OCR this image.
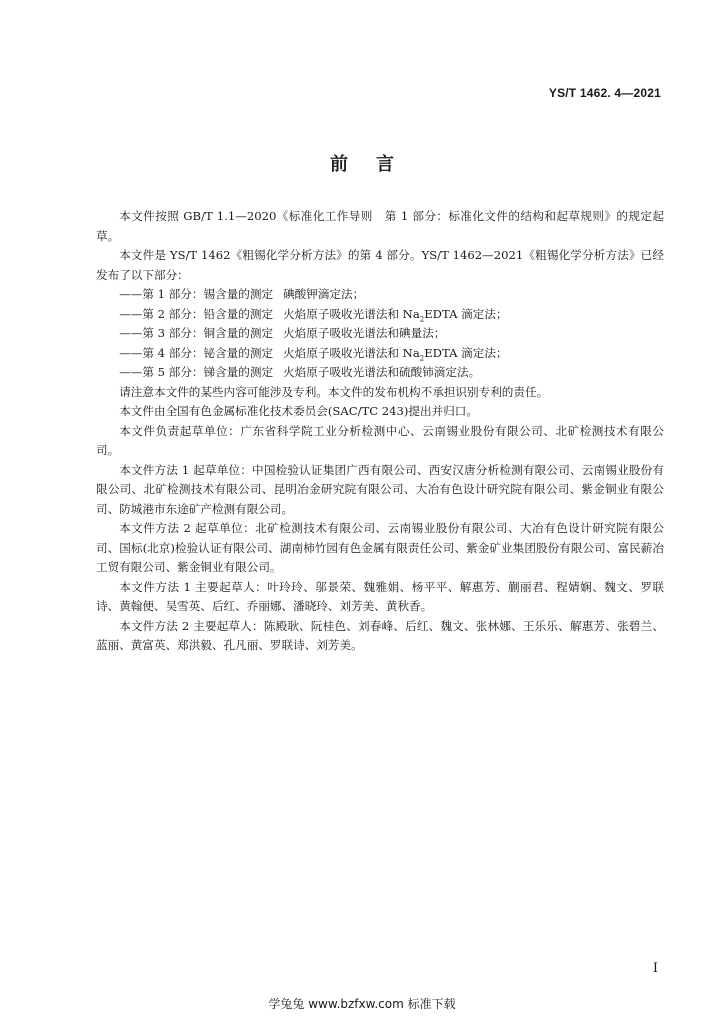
YS/T 1462. 4—2021
前言

本文件按照 GB/T 1.1—2020《标准化工作导则　第 1 部分：标准化文件的结构和起草规则》的规定起草。

本文件是 YS/T 1462《粗锡化学分析方法》的第 4 部分。YS/T 1462—2021《粗锡化学分析方法》已经发布了以下部分：

——第 1 部分：锡含量的测定 碘酸钾滴定法；
——第 2 部分：铅含量的测定 火焰原子吸收光谱法和 $Na_2EDTA$ 滴定法；
——第 3 部分：铜含量的测定 火焰原子吸收光谱法和碘量法；
——第 4 部分：铋含量的测定 火焰原子吸收光谱法和 $Na_2EDTA$ 滴定法；
——第 5 部分：锑含量的测定 火焰原子吸收光谱法和硫酸铈滴定法。

请注意本文件的某些内容可能涉及专利。本文件的发布机构不承担识别专利的责任。

本文件由全国有色金属标准化技术委员会(SAC/TC 243)提出并归口。

本文件负责起草单位：广东省科学院工业分析检测中心、云南锡业股份有限公司、北矿检测技术有限公司。

本文件方法 1 起草单位：中国检验认证集团广西有限公司、西安汉唐分析检测有限公司、云南锡业股份有限公司、北矿检测技术有限公司、昆明冶金研究院有限公司、大冶有色设计研究院有限公司、紫金铜业有限公司、防城港市东途矿产检测有限公司。

本文件方法 2 起草单位：北矿检测技术有限公司、云南锡业股份有限公司、大冶有色设计研究院有限公司、国标(北京)检验认证有限公司、湖南柿竹园有色金属有限责任公司、紫金矿业集团股份有限公司、富民薪冶工贸有限公司、紫金铜业有限公司。

本文件方法 1 主要起草人：叶玲玲、邬景荣、魏雅娟、杨平平、解惠芳、蒯丽君、程婧娴、魏文、罗联诗、黄翰便、吴雪英、后红、乔丽娜、潘晓玲、刘芳美、黄秋香。

本文件方法 2 主要起草人：陈殿耿、阮桂色、刘春峰、后红、魏文、张林娜、王乐乐、解惠芳、张碧兰、蓝丽、黄富英、郑洪毅、孔凡丽、罗联诗、刘芳美。

I
学兔兔 www.bzfxw.com 标准下载
